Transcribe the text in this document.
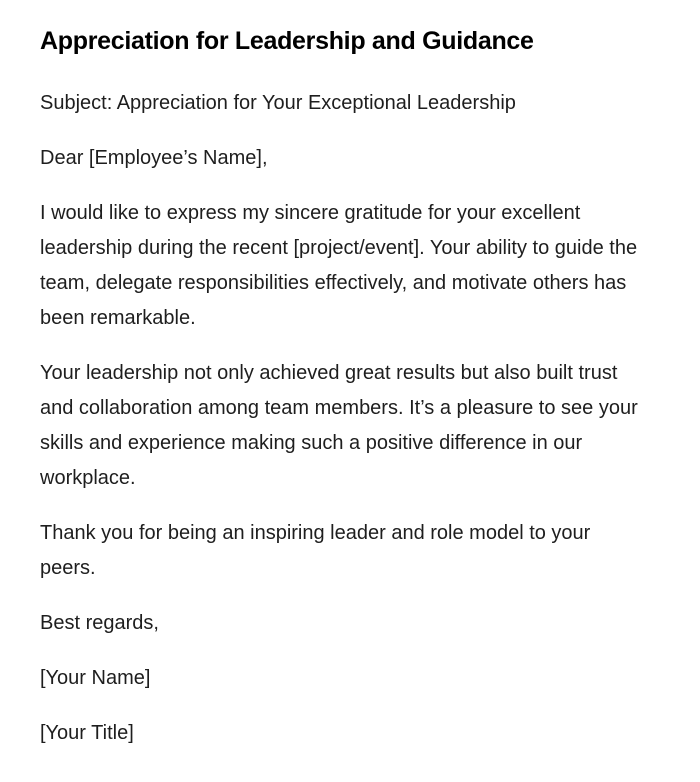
Appreciation for Leadership and Guidance

Subject: Appreciation for Your Exceptional Leadership

Dear [Employee’s Name],

I would like to express my sincere gratitude for your excellent leadership during the recent [project/event]. Your ability to guide the team, delegate responsibilities effectively, and motivate others has been remarkable.

Your leadership not only achieved great results but also built trust and collaboration among team members. It’s a pleasure to see your skills and experience making such a positive difference in our workplace.

Thank you for being an inspiring leader and role model to your peers.

Best regards,

[Your Name]

[Your Title]
